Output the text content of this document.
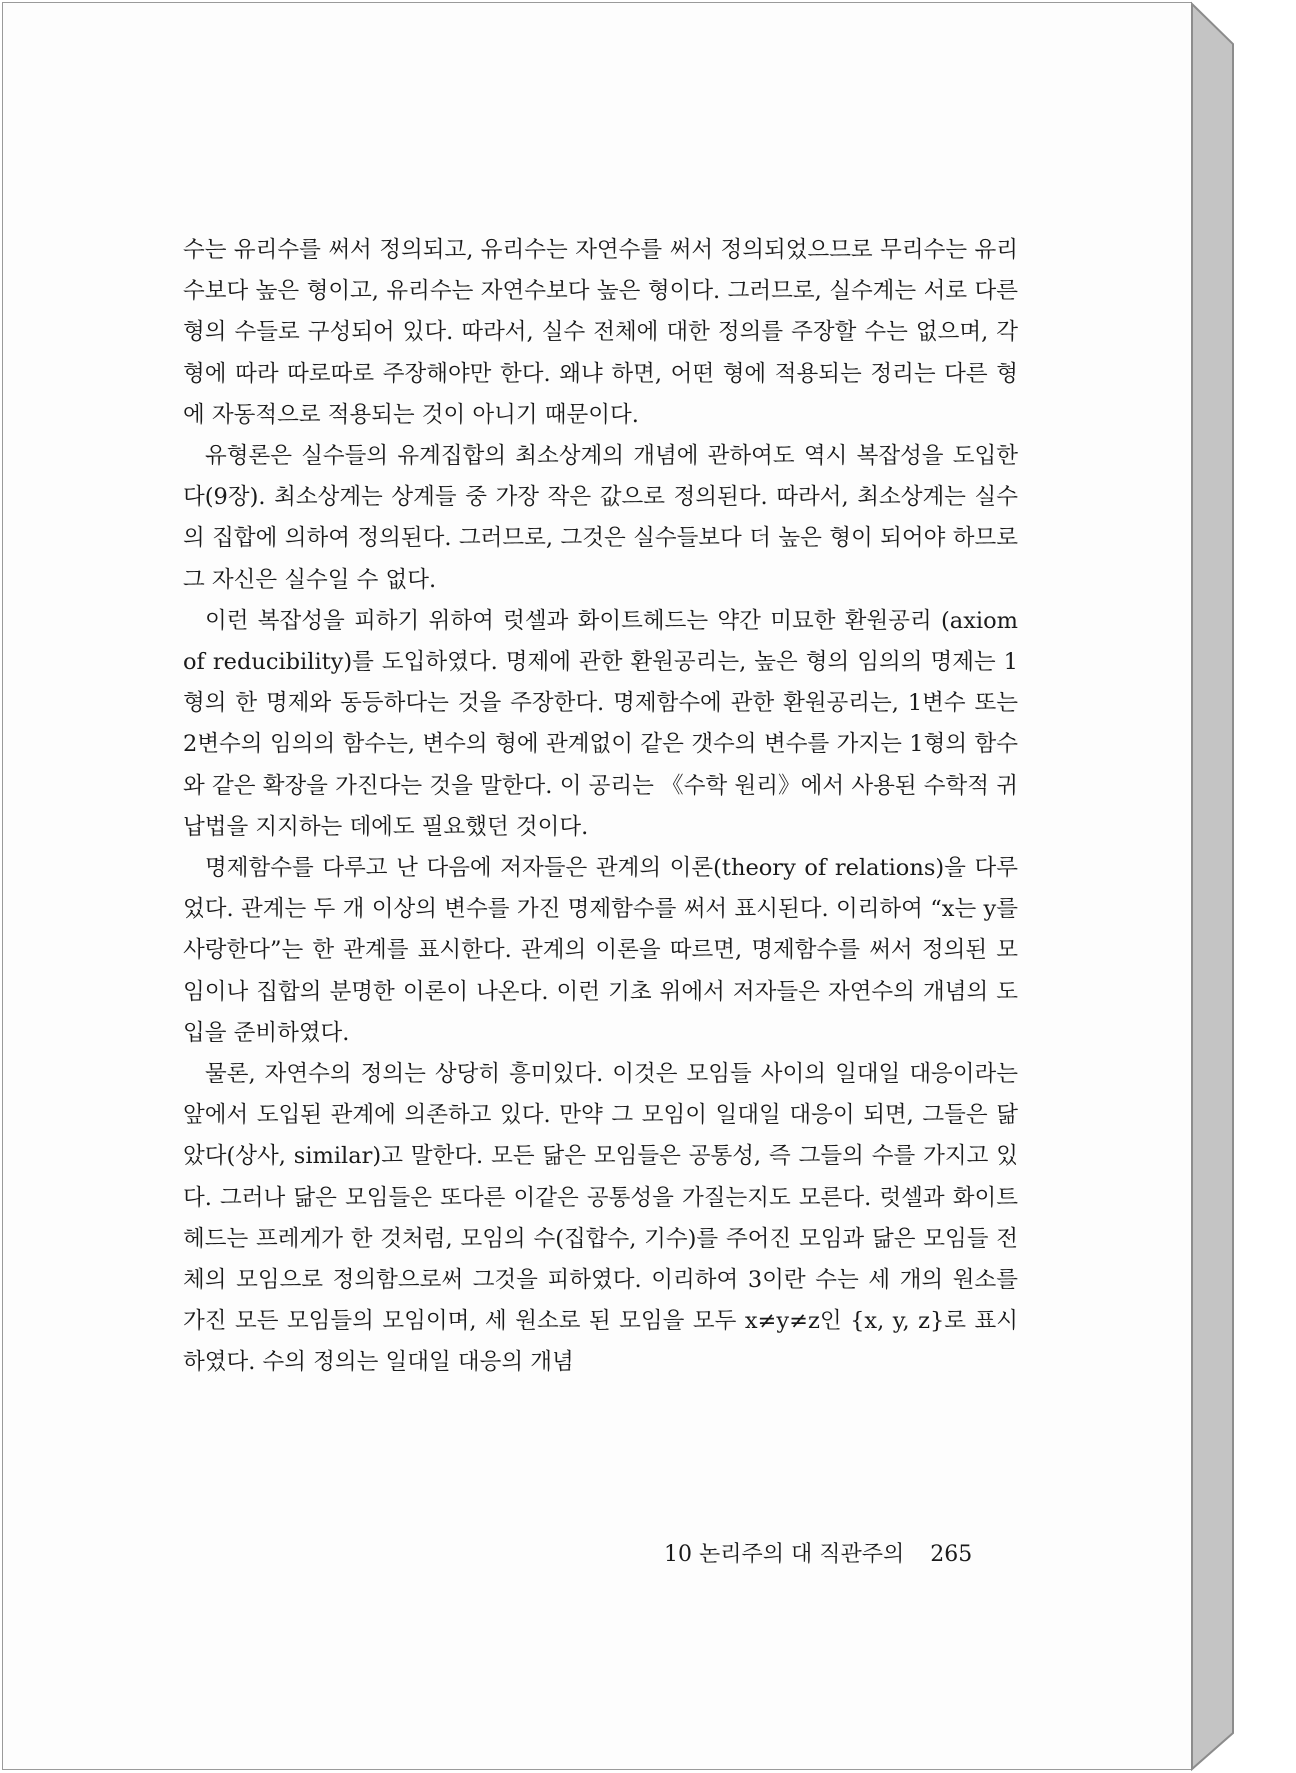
수는 유리수를 써서 정의되고, 유리수는 자연수를 써서 정의되었으므로 무리수는 유리수보다 높은 형이고, 유리수는 자연수보다 높은 형이다. 그러므로, 실수계는 서로 다른 형의 수들로 구성되어 있다. 따라서, 실수 전체에 대한 정의를 주장할 수는 없으며, 각 형에 따라 따로따로 주장해야만 한다. 왜냐 하면, 어떤 형에 적용되는 정리는 다른 형에 자동적으로 적용되는 것이 아니기 때문이다.

유형론은 실수들의 유계집합의 최소상계의 개념에 관하여도 역시 복잡성을 도입한다(9장). 최소상계는 상계들 중 가장 작은 값으로 정의된다. 따라서, 최소상계는 실수의 집합에 의하여 정의된다. 그러므로, 그것은 실수들보다 더 높은 형이 되어야 하므로 그 자신은 실수일 수 없다.

이런 복잡성을 피하기 위하여 럿셀과 화이트헤드는 약간 미묘한 환원공리 (axiom of reducibility)를 도입하였다. 명제에 관한 환원공리는, 높은 형의 임의의 명제는 1형의 한 명제와 동등하다는 것을 주장한다. 명제함수에 관한 환원공리는, 1변수 또는 2변수의 임의의 함수는, 변수의 형에 관계없이 같은 갯수의 변수를 가지는 1형의 함수와 같은 확장을 가진다는 것을 말한다. 이 공리는 《수학 원리》에서 사용된 수학적 귀납법을 지지하는 데에도 필요했던 것이다.

명제함수를 다루고 난 다음에 저자들은 관계의 이론(theory of relations)을 다루었다. 관계는 두 개 이상의 변수를 가진 명제함수를 써서 표시된다. 이리하여 “x는 y를 사랑한다”는 한 관계를 표시한다. 관계의 이론을 따르면, 명제함수를 써서 정의된 모임이나 집합의 분명한 이론이 나온다. 이런 기초 위에서 저자들은 자연수의 개념의 도입을 준비하였다.

물론, 자연수의 정의는 상당히 흥미있다. 이것은 모임들 사이의 일대일 대응이라는 앞에서 도입된 관계에 의존하고 있다. 만약 그 모임이 일대일 대응이 되면, 그들은 닮았다(상사, similar)고 말한다. 모든 닮은 모임들은 공통성, 즉 그들의 수를 가지고 있다. 그러나 닮은 모임들은 또다른 이같은 공통성을 가질는지도 모른다. 럿셀과 화이트헤드는 프레게가 한 것처럼, 모임의 수(집합수, 기수)를 주어진 모임과 닮은 모임들 전체의 모임으로 정의함으로써 그것을 피하였다. 이리하여 3이란 수는 세 개의 원소를 가진 모든 모임들의 모임이며, 세 원소로 된 모임을 모두 x≠y≠z인 {x, y, z}로 표시하였다. 수의 정의는 일대일 대응의 개념

10 논리주의 대 직관주의 265
